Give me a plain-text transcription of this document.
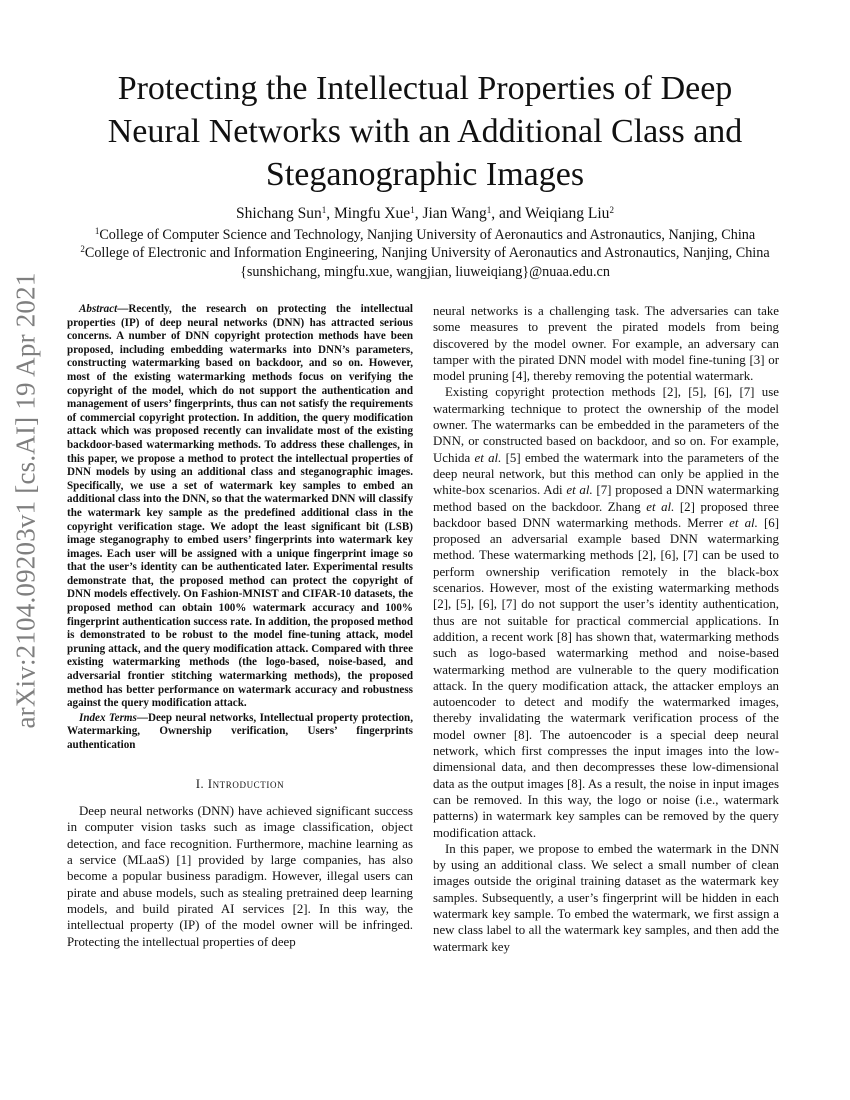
arXiv:2104.09203v1 [cs.AI] 19 Apr 2021
Protecting the Intellectual Properties of Deep
Neural Networks with an Additional Class and
Steganographic Images
Shichang Sun$^1$, Mingfu Xue$^1$, Jian Wang$^1$, and Weiqiang Liu$^2$
$^1$College of Computer Science and Technology, Nanjing University of Aeronautics and Astronautics, Nanjing, China
$^2$College of Electronic and Information Engineering, Nanjing University of Aeronautics and Astronautics, Nanjing, China
{sunshichang, mingfu.xue, wangjian, liuweiqiang}@nuaa.edu.cn

Abstract—Recently, the research on protecting the intellectual properties (IP) of deep neural networks (DNN) has attracted serious concerns. A number of DNN copyright protection methods have been proposed, including embedding watermarks into DNN’s parameters, constructing watermarking based on backdoor, and so on. However, most of the existing watermarking methods focus on verifying the copyright of the model, which do not support the authentication and management of users’ fingerprints, thus can not satisfy the requirements of commercial copyright protection. In addition, the query modification attack which was proposed recently can invalidate most of the existing backdoor-based watermarking methods. To address these challenges, in this paper, we propose a method to protect the intellectual properties of DNN models by using an additional class and steganographic images. Specifically, we use a set of watermark key samples to embed an additional class into the DNN, so that the watermarked DNN will classify the watermark key sample as the predefined additional class in the copyright verification stage. We adopt the least significant bit (LSB) image steganography to embed users’ fingerprints into watermark key images. Each user will be assigned with a unique fingerprint image so that the user’s identity can be authenticated later. Experimental results demonstrate that, the proposed method can protect the copyright of DNN models effectively. On Fashion-MNIST and CIFAR-10 datasets, the proposed method can obtain 100% watermark accuracy and 100% fingerprint authentication success rate. In addition, the proposed method is demonstrated to be robust to the model fine-tuning attack, model pruning attack, and the query modification attack. Compared with three existing watermarking methods (the logo-based, noise-based, and adversarial frontier stitching watermarking methods), the proposed method has better performance on watermark accuracy and robustness against the query modification attack.

Index Terms—Deep neural networks, Intellectual property protection, Watermarking, Ownership verification, Users’ fingerprints authentication

I. Introduction

Deep neural networks (DNN) have achieved significant success in computer vision tasks such as image classification, object detection, and face recognition. Furthermore, machine learning as a service (MLaaS) [1] provided by large companies, has also become a popular business paradigm. However, illegal users can pirate and abuse models, such as stealing pretrained deep learning models, and build pirated AI services [2]. In this way, the intellectual property (IP) of the model owner will be infringed. Protecting the intellectual properties of deep

neural networks is a challenging task. The adversaries can take some measures to prevent the pirated models from being discovered by the model owner. For example, an adversary can tamper with the pirated DNN model with model fine-tuning [3] or model pruning [4], thereby removing the potential watermark.

Existing copyright protection methods [2], [5], [6], [7] use watermarking technique to protect the ownership of the model owner. The watermarks can be embedded in the parameters of the DNN, or constructed based on backdoor, and so on. For example, Uchida et al. [5] embed the watermark into the parameters of the deep neural network, but this method can only be applied in the white-box scenarios. Adi et al. [7] proposed a DNN watermarking method based on the backdoor. Zhang et al. [2] proposed three backdoor based DNN watermarking methods. Merrer et al. [6] proposed an adversarial example based DNN watermarking method. These watermarking methods [2], [6], [7] can be used to perform ownership verification remotely in the black-box scenarios. However, most of the existing watermarking methods [2], [5], [6], [7] do not support the user’s identity authentication, thus are not suitable for practical commercial applications. In addition, a recent work [8] has shown that, watermarking methods such as logo-based watermarking method and noise-based watermarking method are vulnerable to the query modification attack. In the query modification attack, the attacker employs an autoencoder to detect and modify the watermarked images, thereby invalidating the watermark verification process of the model owner [8]. The autoencoder is a special deep neural network, which first compresses the input images into the low-dimensional data, and then decompresses these low-dimensional data as the output images [8]. As a result, the noise in input images can be removed. In this way, the logo or noise (i.e., watermark patterns) in watermark key samples can be removed by the query modification attack.

In this paper, we propose to embed the watermark in the DNN by using an additional class. We select a small number of clean images outside the original training dataset as the watermark key samples. Subsequently, a user’s fingerprint will be hidden in each watermark key sample. To embed the watermark, we first assign a new class label to all the watermark key samples, and then add the watermark key
